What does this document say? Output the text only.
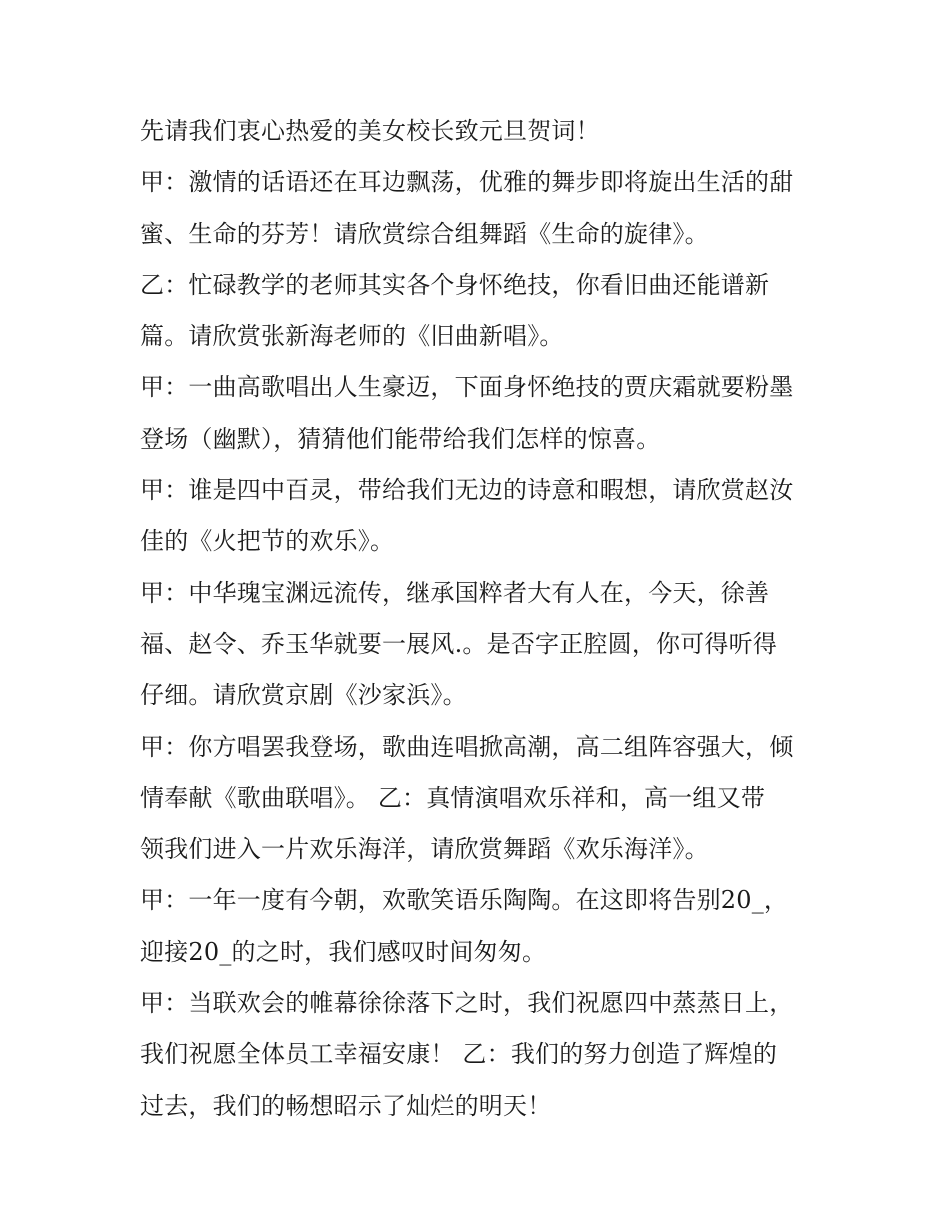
先请我们衷心热爱的美女校长致元旦贺词！
甲：激情的话语还在耳边飘荡，优雅的舞步即将旋出生活的甜
蜜、生命的芬芳！请欣赏综合组舞蹈《生命的旋律》。
乙：忙碌教学的老师其实各个身怀绝技，你看旧曲还能谱新
篇。请欣赏张新海老师的《旧曲新唱》。
甲：一曲高歌唱出人生豪迈，下面身怀绝技的贾庆霜就要粉墨
登场（幽默），猜猜他们能带给我们怎样的惊喜。
甲：谁是四中百灵，带给我们无边的诗意和暇想，请欣赏赵汝
佳的《火把节的欢乐》。
甲：中华瑰宝渊远流传，继承国粹者大有人在，今天，徐善
福、赵令、乔玉华就要一展风.。是否字正腔圆，你可得听得
仔细。请欣赏京剧《沙家浜》。
甲：你方唱罢我登场，歌曲连唱掀高潮，高二组阵容强大，倾
情奉献《歌曲联唱》。 乙：真情演唱欢乐祥和，高一组又带
领我们进入一片欢乐海洋，请欣赏舞蹈《欢乐海洋》。
甲：一年一度有今朝，欢歌笑语乐陶陶。在这即将告别20_，
迎接20_的之时，我们感叹时间匆匆。
甲：当联欢会的帷幕徐徐落下之时，我们祝愿四中蒸蒸日上，
我们祝愿全体员工幸福安康！ 乙：我们的努力创造了辉煌的
过去，我们的畅想昭示了灿烂的明天！
